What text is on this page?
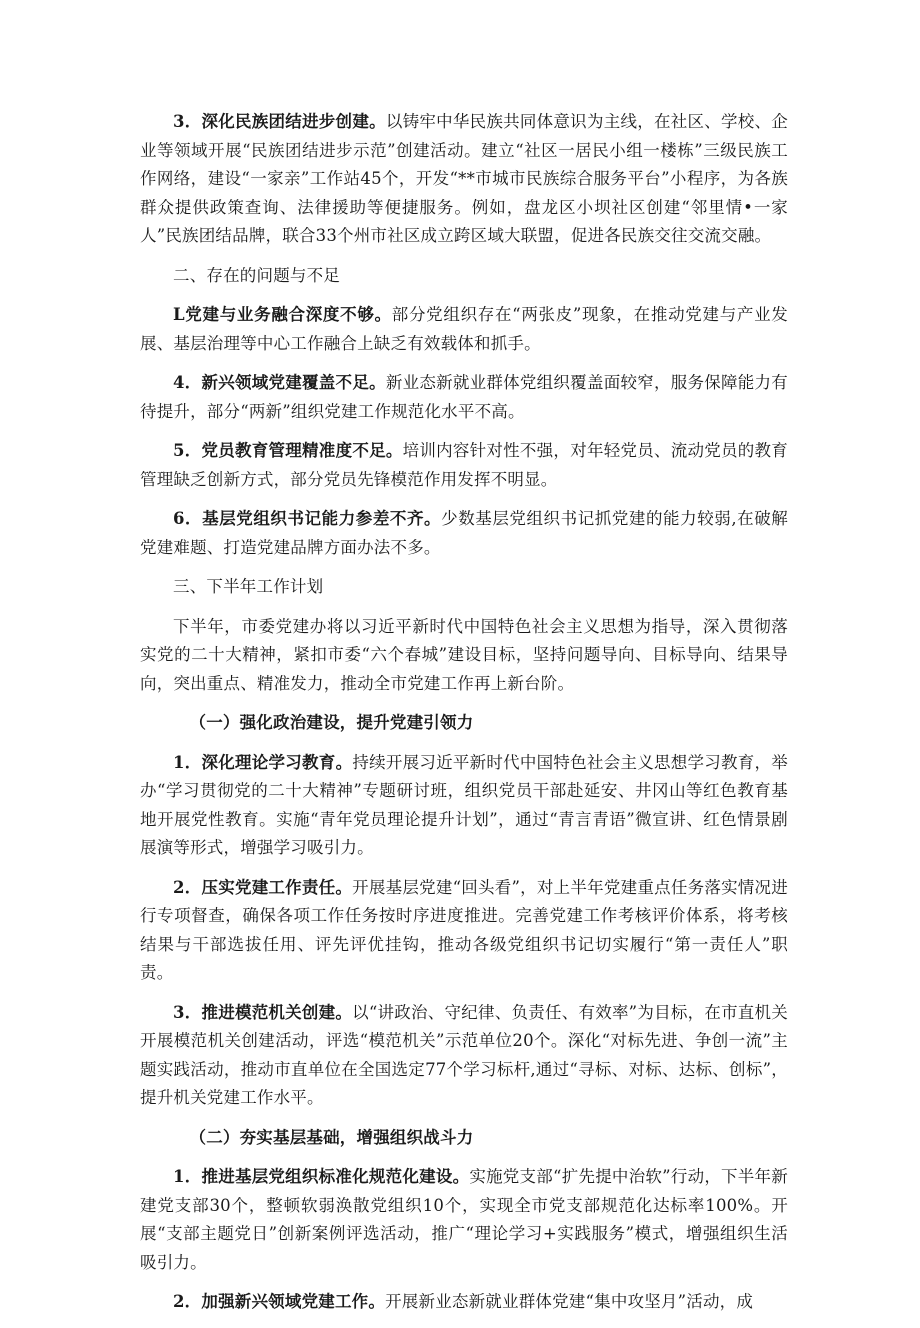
3．深化民族团结进步创建。以铸牢中华民族共同体意识为主线，在社区、学校、企业等领域开展“民族团结进步示范”创建活动。建立“社区一居民小组一楼栋”三级民族工作网络，建设“一家亲”工作站45个，开发“**市城市民族综合服务平台”小程序，为各族群众提供政策查询、法律援助等便捷服务。例如，盘龙区小坝社区创建“邻里情•一家人”民族团结品牌，联合33个州市社区成立跨区域大联盟，促进各民族交往交流交融。
二、存在的问题与不足
L党建与业务融合深度不够。部分党组织存在“两张皮”现象，在推动党建与产业发展、基层治理等中心工作融合上缺乏有效载体和抓手。
4．新兴领域党建覆盖不足。新业态新就业群体党组织覆盖面较窄，服务保障能力有待提升，部分“两新”组织党建工作规范化水平不高。
5．党员教育管理精准度不足。培训内容针对性不强，对年轻党员、流动党员的教育管理缺乏创新方式，部分党员先锋模范作用发挥不明显。
6．基层党组织书记能力参差不齐。少数基层党组织书记抓党建的能力较弱,在破解党建难题、打造党建品牌方面办法不多。
三、下半年工作计划
下半年，市委党建办将以习近平新时代中国特色社会主义思想为指导，深入贯彻落实党的二十大精神，紧扣市委“六个春城”建设目标，坚持问题导向、目标导向、结果导向，突出重点、精准发力，推动全市党建工作再上新台阶。
（一）强化政治建设，提升党建引领力
1．深化理论学习教育。持续开展习近平新时代中国特色社会主义思想学习教育，举办“学习贯彻党的二十大精神”专题研讨班，组织党员干部赴延安、井冈山等红色教育基地开展党性教育。实施“青年党员理论提升计划”，通过“青言青语”微宣讲、红色情景剧展演等形式，增强学习吸引力。
2．压实党建工作责任。开展基层党建“回头看”，对上半年党建重点任务落实情况进行专项督查，确保各项工作任务按时序进度推进。完善党建工作考核评价体系，将考核结果与干部选拔任用、评先评优挂钩，推动各级党组织书记切实履行“第一责任人”职责。
3．推进模范机关创建。以“讲政治、守纪律、负责任、有效率”为目标，在市直机关开展模范机关创建活动，评选“模范机关”示范单位20个。深化“对标先进、争创一流”主题实践活动，推动市直单位在全国选定77个学习标杆,通过“寻标、对标、达标、创标”，提升机关党建工作水平。
（二）夯实基层基础，增强组织战斗力
1．推进基层党组织标准化规范化建设。实施党支部“扩先提中治软”行动，下半年新建党支部30个，整顿软弱涣散党组织10个，实现全市党支部规范化达标率100%。开展“支部主题党日”创新案例评选活动，推广“理论学习+实践服务”模式，增强组织生活吸引力。
2．加强新兴领域党建工作。开展新业态新就业群体党建“集中攻坚月”活动，成
